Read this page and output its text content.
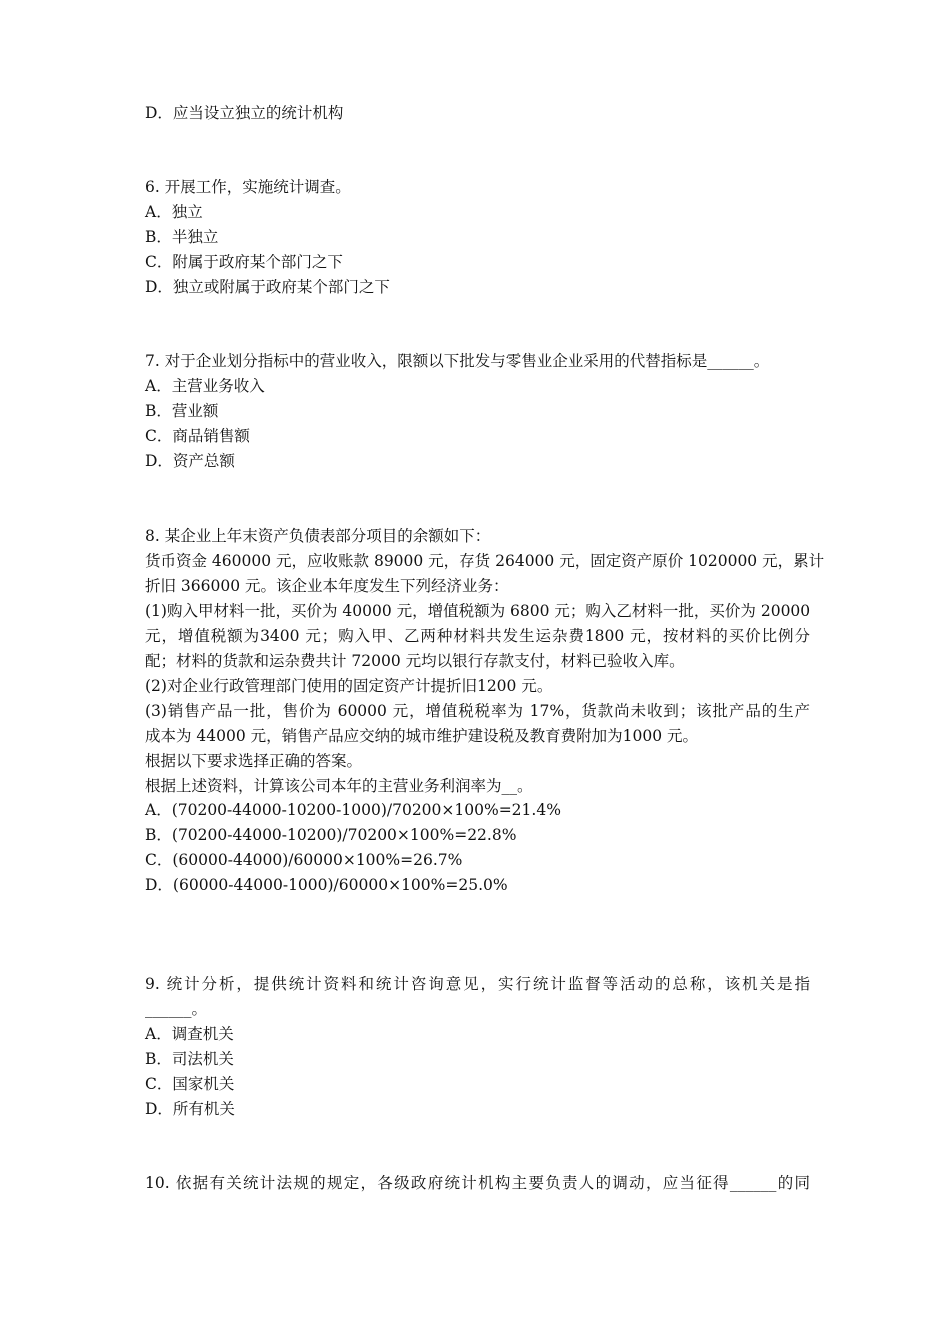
D．应当设立独立的统计机构
6. 开展工作，实施统计调查。
A．独立
B．半独立
C．附属于政府某个部门之下
D．独立或附属于政府某个部门之下
7. 对于企业划分指标中的营业收入，限额以下批发与零售业企业采用的代替指标是______。
A．主营业务收入
B．营业额
C．商品销售额
D．资产总额
8. 某企业上年末资产负债表部分项目的余额如下：
货币资金 460000 元，应收账款 89000 元，存货 264000 元，固定资产原价 1020000 元，累计
折旧 366000 元。该企业本年度发生下列经济业务：
(1)购入甲材料一批，买价为 40000 元，增值税额为 6800 元；购入乙材料一批，买价为 20000
元，增值税额为3400 元；购入甲、乙两种材料共发生运杂费1800 元，按材料的买价比例分
配；材料的货款和运杂费共计 72000 元均以银行存款支付，材料已验收入库。
(2)对企业行政管理部门使用的固定资产计提折旧1200 元。
(3)销售产品一批，售价为 60000 元，增值税税率为 17%，货款尚未收到；该批产品的生产
成本为 44000 元，销售产品应交纳的城市维护建设税及教育费附加为1000 元。
根据以下要求选择正确的答案。
根据上述资料，计算该公司本年的主营业务利润率为__。
A．(70200-44000-10200-1000)/70200×100%=21.4%
B．(70200-44000-10200)/70200×100%=22.8%
C．(60000-44000)/60000×100%=26.7%
D．(60000-44000-1000)/60000×100%=25.0%
9. 统计分析，提供统计资料和统计咨询意见，实行统计监督等活动的总称，该机关是指
______。
A．调查机关
B．司法机关
C．国家机关
D．所有机关
10. 依据有关统计法规的规定，各级政府统计机构主要负责人的调动，应当征得______的同
